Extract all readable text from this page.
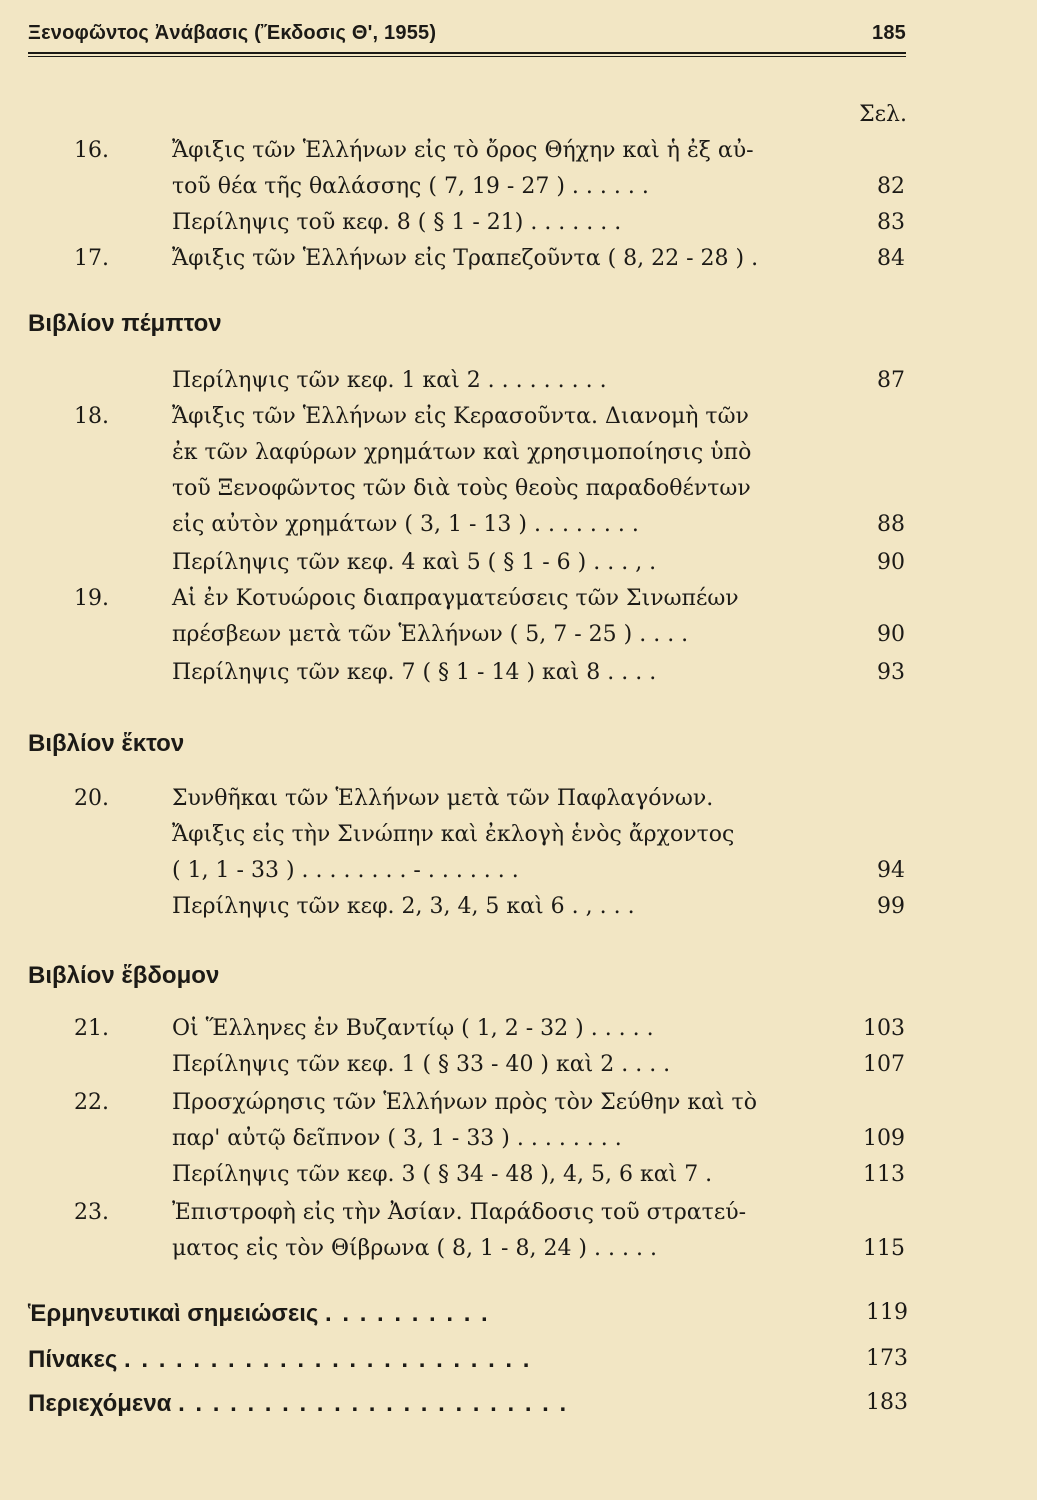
Ξενοφῶντος Ἀνάβασις (Ἔκδοσις Θ', 1955)	185
Σελ.
16.	Ἄφιξις τῶν Ἑλλήνων εἰς τὸ ὄρος Θήχην καὶ ἡ ἐξ αὐ-
τοῦ θέα τῆς θαλάσσης ( 7, 19 - 27 ) . . . . . .	82
Περίληψις τοῦ κεφ. 8 ( § 1 - 21) . . . . . . .	83
17.	Ἄφιξις τῶν Ἑλλήνων εἰς Τραπεζοῦντα ( 8, 22 - 28 ) .	84
Βιβλίον πέμπτον
Περίληψις τῶν κεφ. 1 καὶ 2 . . . . . . . . .	87
18.	Ἄφιξις τῶν Ἑλλήνων εἰς Κερασοῦντα. Διανομὴ τῶν
ἐκ τῶν λαφύρων χρημάτων καὶ χρησιμοποίησις ὑπὸ
τοῦ Ξενοφῶντος τῶν διὰ τοὺς θεοὺς παραδοθέντων
εἰς αὐτὸν χρημάτων ( 3, 1 - 13 ) . . . . . . . .	88
Περίληψις τῶν κεφ. 4 καὶ 5 ( § 1 - 6 ) . . . , .	90
19.	Αἱ ἐν Κοτυώροις διαπραγματεύσεις τῶν Σινωπέων
πρέσβεων μετὰ τῶν Ἑλλήνων ( 5, 7 - 25 ) . . . .	90
Περίληψις τῶν κεφ. 7 ( § 1 - 14 ) καὶ 8 . . . .	93
Βιβλίον ἕκτον
20.	Συνθῆκαι τῶν Ἑλλήνων μετὰ τῶν Παφλαγόνων.
Ἄφιξις εἰς τὴν Σινώπην καὶ ἐκλογὴ ἑνὸς ἄρχοντος
( 1, 1 - 33 ) . . . . . . . . - . . . . . . .	94
Περίληψις τῶν κεφ. 2, 3, 4, 5 καὶ 6 . , . . .	99
Βιβλίον ἕβδομον
21.	Οἱ Ἕλληνες ἐν Βυζαντίῳ ( 1, 2 - 32 ) . . . . .	103
Περίληψις τῶν κεφ. 1 ( § 33 - 40 ) καὶ 2 . . . .	107
22.	Προσχώρησις τῶν Ἑλλήνων πρὸς τὸν Σεύθην καὶ τὸ
παρ' αὐτῷ δεῖπνον ( 3, 1 - 33 ) . . . . . . . .	109
Περίληψις τῶν κεφ. 3 ( § 34 - 48 ), 4, 5, 6 καὶ 7 .	113
23.	Ἐπιστροφὴ εἰς τὴν Ἀσίαν. Παράδοσις τοῦ στρατεύ-
ματος εἰς τὸν Θίβρωνα ( 8, 1 - 8, 24 ) . . . . .	115
Ἑρμηνευτικαὶ σημειώσεις . . . . . . . . . .	119
Πίνακες . . . . . . . . . . . . . . . . . . . . . . . .	173
Περιεχόμενα . . . . . . . . . . . . . . . . . . . . . . .	183
